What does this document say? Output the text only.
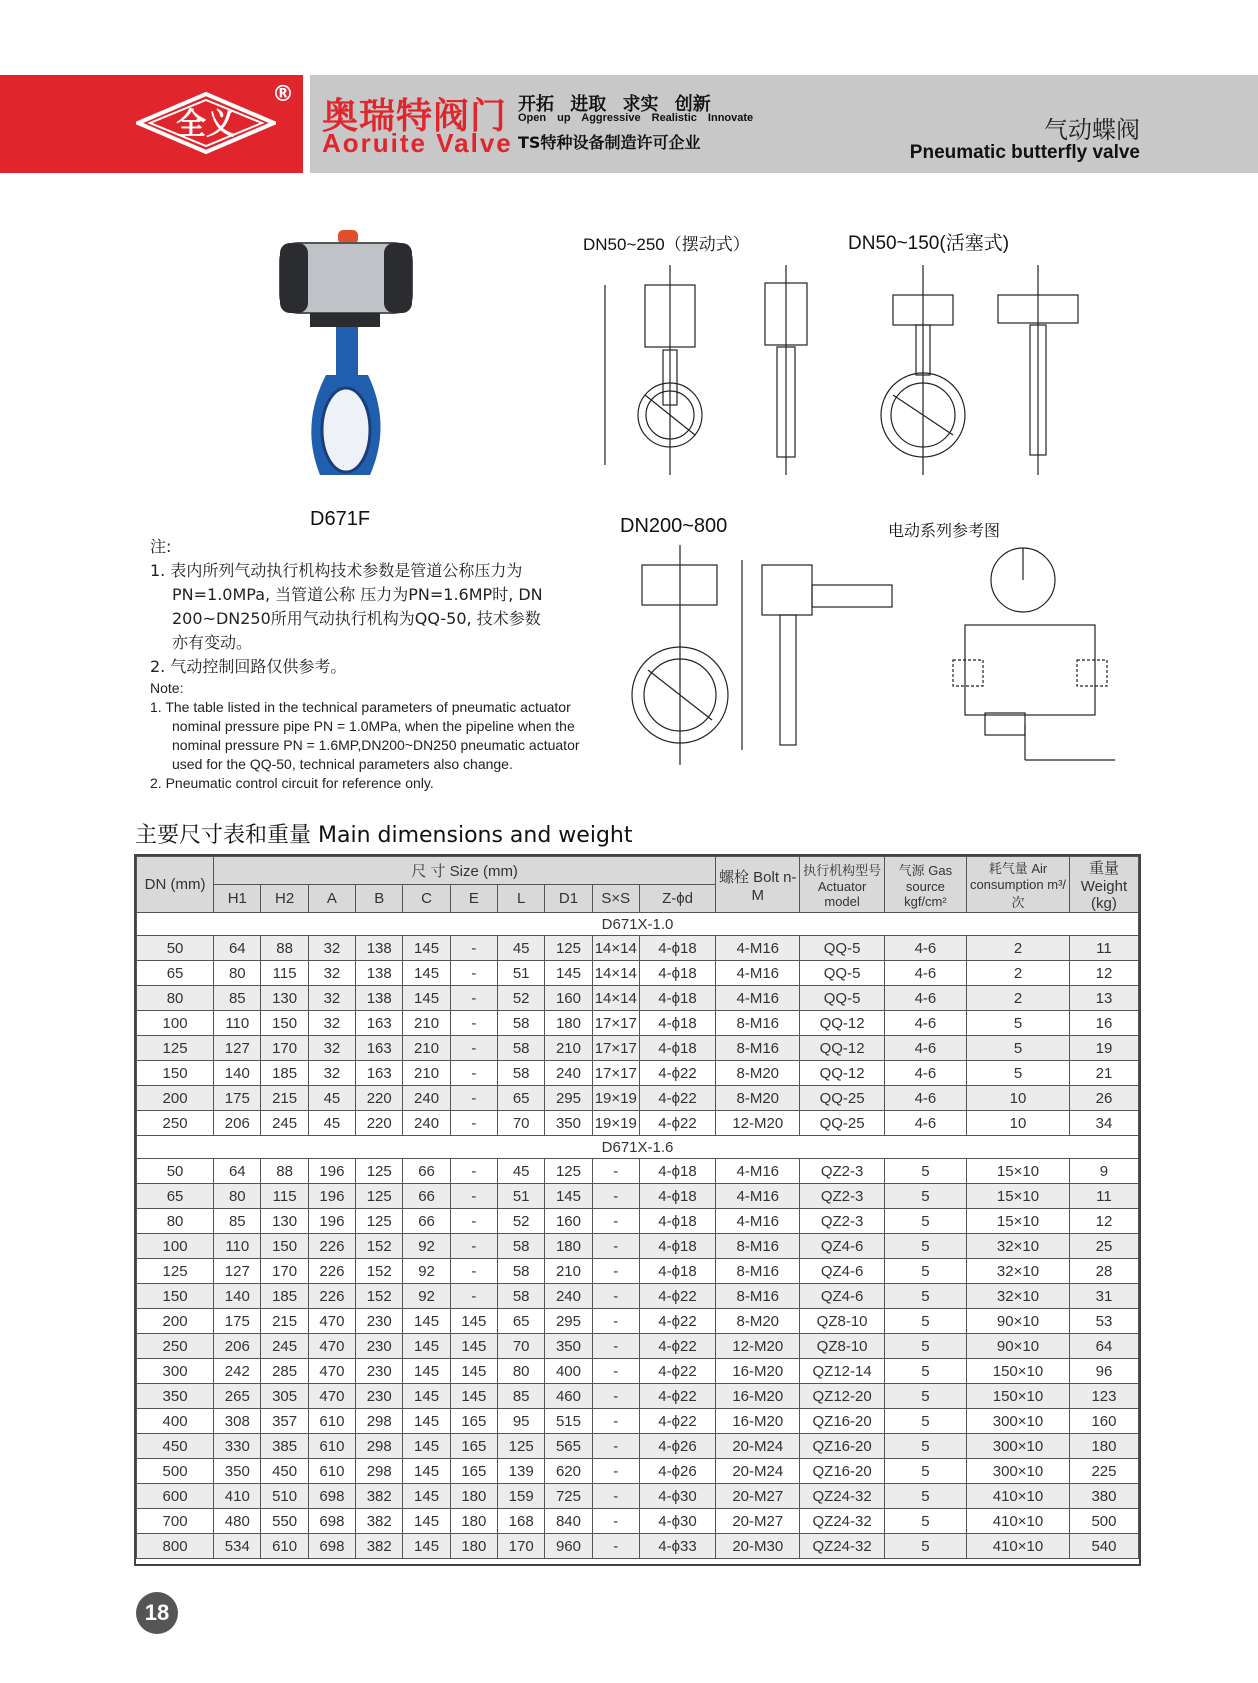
全义
®
奥瑞特阀门
Aoruite Valve
开拓 进取 求实 创新
Open up Aggressive Realistic Innovate
TS特种设备制造许可企业	气动蝶阀
Pneumatic butterfly valve
D671F
DN50~250（摆动式）	DN50~150(活塞式)
DN200~800	电动系列参考图
注:
1. 表内所列气动执行机构技术参数是管道公称压力为
PN=1.0MPa, 当管道公称 压力为PN=1.6MP时, DN
200~DN250所用气动执行机构为QQ-50, 技术参数
亦有变动。
2. 气动控制回路仅供参考。
Note:
1. The table listed in the technical parameters of pneumatic actuator
nominal pressure pipe PN = 1.0MPa, when the pipeline when the
nominal pressure PN = 1.6MP,DN200~DN250 pneumatic actuator
used for the QQ-50, technical parameters also change.
2. Pneumatic control circuit for reference only.
主要尺寸表和重量 Main dimensions and weight
DN (mm)	尺 寸 Size (mm)										螺栓 Bolt n-M	执行机构型号 Actuator model	气源 Gas source kgf/cm²	耗气量 Air consumption m³/次	重量 Weight (kg)
	H1	H2	A	B	C	E	L	D1	S×S	Z-ϕd					
D671X-1.0															
50	64	88	32	138	145	-	45	125	14×14	4-ϕ18	4-M16	QQ-5	4-6	2	11
65	80	115	32	138	145	-	51	145	14×14	4-ϕ18	4-M16	QQ-5	4-6	2	12
80	85	130	32	138	145	-	52	160	14×14	4-ϕ18	4-M16	QQ-5	4-6	2	13
100	110	150	32	163	210	-	58	180	17×17	4-ϕ18	8-M16	QQ-12	4-6	5	16
125	127	170	32	163	210	-	58	210	17×17	4-ϕ18	8-M16	QQ-12	4-6	5	19
150	140	185	32	163	210	-	58	240	17×17	4-ϕ22	8-M20	QQ-12	4-6	5	21
200	175	215	45	220	240	-	65	295	19×19	4-ϕ22	8-M20	QQ-25	4-6	10	26
250	206	245	45	220	240	-	70	350	19×19	4-ϕ22	12-M20	QQ-25	4-6	10	34
D671X-1.6															
50	64	88	196	125	66	-	45	125	-	4-ϕ18	4-M16	QZ2-3	5	15×10	9
65	80	115	196	125	66	-	51	145	-	4-ϕ18	4-M16	QZ2-3	5	15×10	11
80	85	130	196	125	66	-	52	160	-	4-ϕ18	4-M16	QZ2-3	5	15×10	12
100	110	150	226	152	92	-	58	180	-	4-ϕ18	8-M16	QZ4-6	5	32×10	25
125	127	170	226	152	92	-	58	210	-	4-ϕ18	8-M16	QZ4-6	5	32×10	28
150	140	185	226	152	92	-	58	240	-	4-ϕ22	8-M16	QZ4-6	5	32×10	31
200	175	215	470	230	145	145	65	295	-	4-ϕ22	8-M20	QZ8-10	5	90×10	53
250	206	245	470	230	145	145	70	350	-	4-ϕ22	12-M20	QZ8-10	5	90×10	64
300	242	285	470	230	145	145	80	400	-	4-ϕ22	16-M20	QZ12-14	5	150×10	96
350	265	305	470	230	145	145	85	460	-	4-ϕ22	16-M20	QZ12-20	5	150×10	123
400	308	357	610	298	145	165	95	515	-	4-ϕ22	16-M20	QZ16-20	5	300×10	160
450	330	385	610	298	145	165	125	565	-	4-ϕ26	20-M24	QZ16-20	5	300×10	180
500	350	450	610	298	145	165	139	620	-	4-ϕ26	20-M24	QZ16-20	5	300×10	225
600	410	510	698	382	145	180	159	725	-	4-ϕ30	20-M27	QZ24-32	5	410×10	380
700	480	550	698	382	145	180	168	840	-	4-ϕ30	20-M27	QZ24-32	5	410×10	500
800	534	610	698	382	145	180	170	960	-	4-ϕ33	20-M30	QZ24-32	5	410×10	540
18
